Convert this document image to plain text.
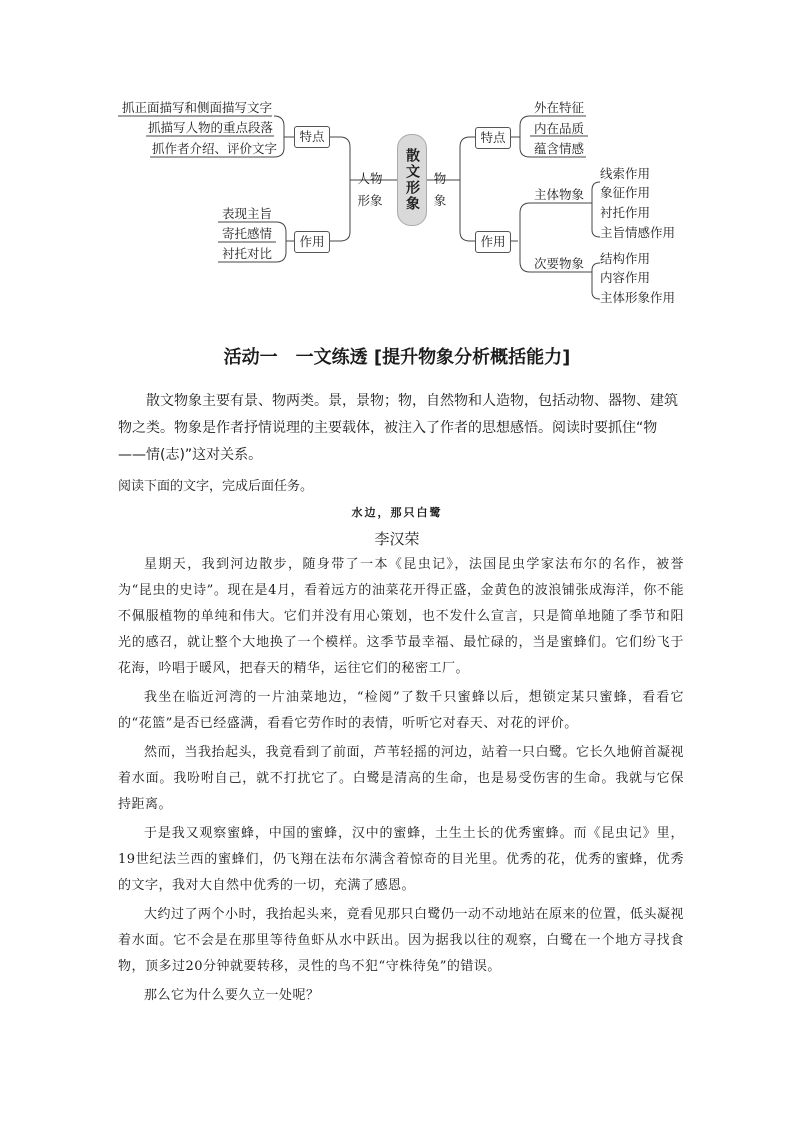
抓正面描写和侧面描写文字
抓描写人物的重点段落
抓作者介绍、评价文字
特点
表现主旨
寄托感情
衬托对比
作用
人物形象 散文形象 物象
特点
外在特征
内在品质
蕴含情感
作用
主体物象
次要物象
线索作用
象征作用
衬托作用
主旨情感作用
结构作用
内容作用
主体形象作用
活动一　一文练透 [提升物象分析概括能力]
散文物象主要有景、物两类。景，景物；物，自然物和人造物，包括动物、器物、建筑物之类。物象是作者抒情说理的主要载体，被注入了作者的思想感悟。阅读时要抓住“物——情(志)”这对关系。
阅读下面的文字，完成后面任务。
水边，那只白鹭
李汉荣

星期天，我到河边散步，随身带了一本《昆虫记》，法国昆虫学家法布尔的名作，被誉为“昆虫的史诗”。现在是4月，看着远方的油菜花开得正盛，金黄色的波浪铺张成海洋，你不能不佩服植物的单纯和伟大。它们并没有用心策划，也不发什么宣言，只是简单地随了季节和阳光的感召，就让整个大地换了一个模样。这季节最幸福、最忙碌的，当是蜜蜂们。它们纷飞于花海，吟唱于暖风，把春天的精华，运往它们的秘密工厂。

我坐在临近河湾的一片油菜地边，“检阅”了数千只蜜蜂以后，想锁定某只蜜蜂，看看它的“花篮”是否已经盛满，看看它劳作时的表情，听听它对春天、对花的评价。

然而，当我抬起头，我竟看到了前面，芦苇轻摇的河边，站着一只白鹭。它长久地俯首凝视着水面。我吩咐自己，就不打扰它了。白鹭是清高的生命，也是易受伤害的生命。我就与它保持距离。

于是我又观察蜜蜂，中国的蜜蜂，汉中的蜜蜂，土生土长的优秀蜜蜂。而《昆虫记》里，19世纪法兰西的蜜蜂们，仍飞翔在法布尔满含着惊奇的目光里。优秀的花，优秀的蜜蜂，优秀的文字，我对大自然中优秀的一切，充满了感恩。

大约过了两个小时，我抬起头来，竟看见那只白鹭仍一动不动地站在原来的位置，低头凝视着水面。它不会是在那里等待鱼虾从水中跃出。因为据我以往的观察，白鹭在一个地方寻找食物，顶多过20分钟就要转移，灵性的鸟不犯“守株待兔”的错误。

那么它为什么要久立一处呢？
